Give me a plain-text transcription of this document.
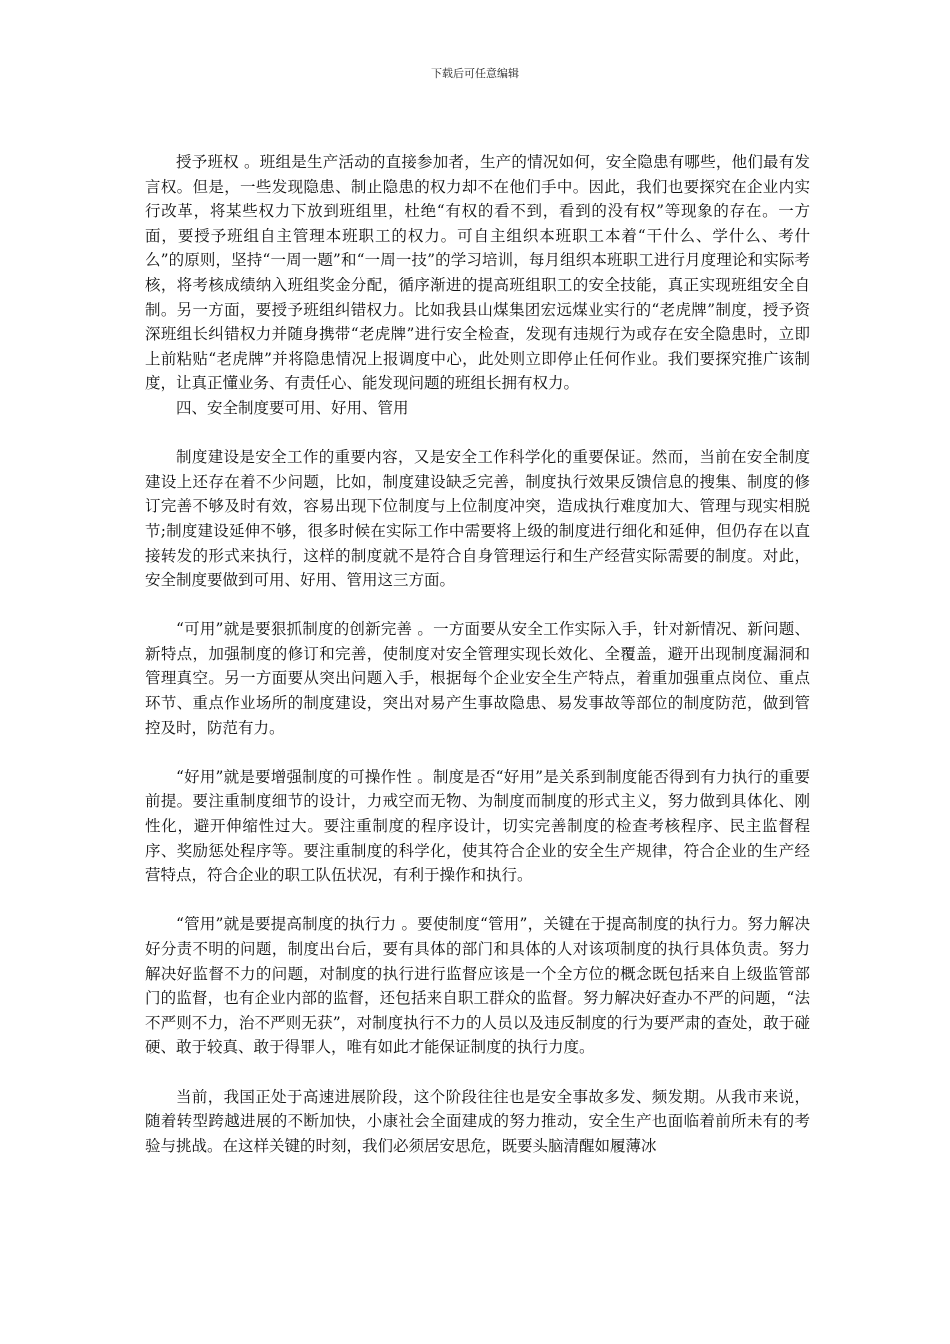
下载后可任意编辑

授予班权 。班组是生产活动的直接参加者，生产的情况如何，安全隐患有哪些，他们最有发言权。但是，一些发现隐患、制止隐患的权力却不在他们手中。因此，我们也要探究在企业内实行改革，将某些权力下放到班组里，杜绝“有权的看不到，看到的没有权”等现象的存在。一方面，要授予班组自主管理本班职工的权力。可自主组织本班职工本着“干什么、学什么、考什么”的原则，坚持“一周一题”和“一周一技”的学习培训，每月组织本班职工进行月度理论和实际考核，将考核成绩纳入班组奖金分配，循序渐进的提高班组职工的安全技能，真正实现班组安全自制。另一方面，要授予班组纠错权力。比如我县山煤集团宏远煤业实行的“老虎牌”制度，授予资深班组长纠错权力并随身携带“老虎牌”进行安全检查，发现有违规行为或存在安全隐患时，立即上前粘贴“老虎牌”并将隐患情况上报调度中心，此处则立即停止任何作业。我们要探究推广该制度，让真正懂业务、有责任心、能发现问题的班组长拥有权力。

四、安全制度要可用、好用、管用

制度建设是安全工作的重要内容，又是安全工作科学化的重要保证。然而，当前在安全制度建设上还存在着不少问题，比如，制度建设缺乏完善，制度执行效果反馈信息的搜集、制度的修订完善不够及时有效，容易出现下位制度与上位制度冲突，造成执行难度加大、管理与现实相脱节;制度建设延伸不够，很多时候在实际工作中需要将上级的制度进行细化和延伸，但仍存在以直接转发的形式来执行，这样的制度就不是符合自身管理运行和生产经营实际需要的制度。对此，安全制度要做到可用、好用、管用这三方面。

“可用”就是要狠抓制度的创新完善 。一方面要从安全工作实际入手，针对新情况、新问题、新特点，加强制度的修订和完善，使制度对安全管理实现长效化、全覆盖，避开出现制度漏洞和管理真空。另一方面要从突出问题入手，根据每个企业安全生产特点，着重加强重点岗位、重点环节、重点作业场所的制度建设，突出对易产生事故隐患、易发事故等部位的制度防范，做到管控及时，防范有力。

“好用”就是要增强制度的可操作性 。制度是否“好用”是关系到制度能否得到有力执行的重要前提。要注重制度细节的设计，力戒空而无物、为制度而制度的形式主义，努力做到具体化、刚性化，避开伸缩性过大。要注重制度的程序设计，切实完善制度的检查考核程序、民主监督程序、奖励惩处程序等。要注重制度的科学化，使其符合企业的安全生产规律，符合企业的生产经营特点，符合企业的职工队伍状况，有利于操作和执行。

“管用”就是要提高制度的执行力 。要使制度“管用”，关键在于提高制度的执行力。努力解决好分责不明的问题，制度出台后，要有具体的部门和具体的人对该项制度的执行具体负责。努力解决好监督不力的问题，对制度的执行进行监督应该是一个全方位的概念既包括来自上级监管部门的监督，也有企业内部的监督，还包括来自职工群众的监督。努力解决好查办不严的问题，“法不严则不力，治不严则无获”，对制度执行不力的人员以及违反制度的行为要严肃的查处，敢于碰硬、敢于较真、敢于得罪人，唯有如此才能保证制度的执行力度。

当前，我国正处于高速进展阶段，这个阶段往往也是安全事故多发、频发期。从我市来说，随着转型跨越进展的不断加快，小康社会全面建成的努力推动，安全生产也面临着前所未有的考验与挑战。在这样关键的时刻，我们必须居安思危，既要头脑清醒如履薄冰
